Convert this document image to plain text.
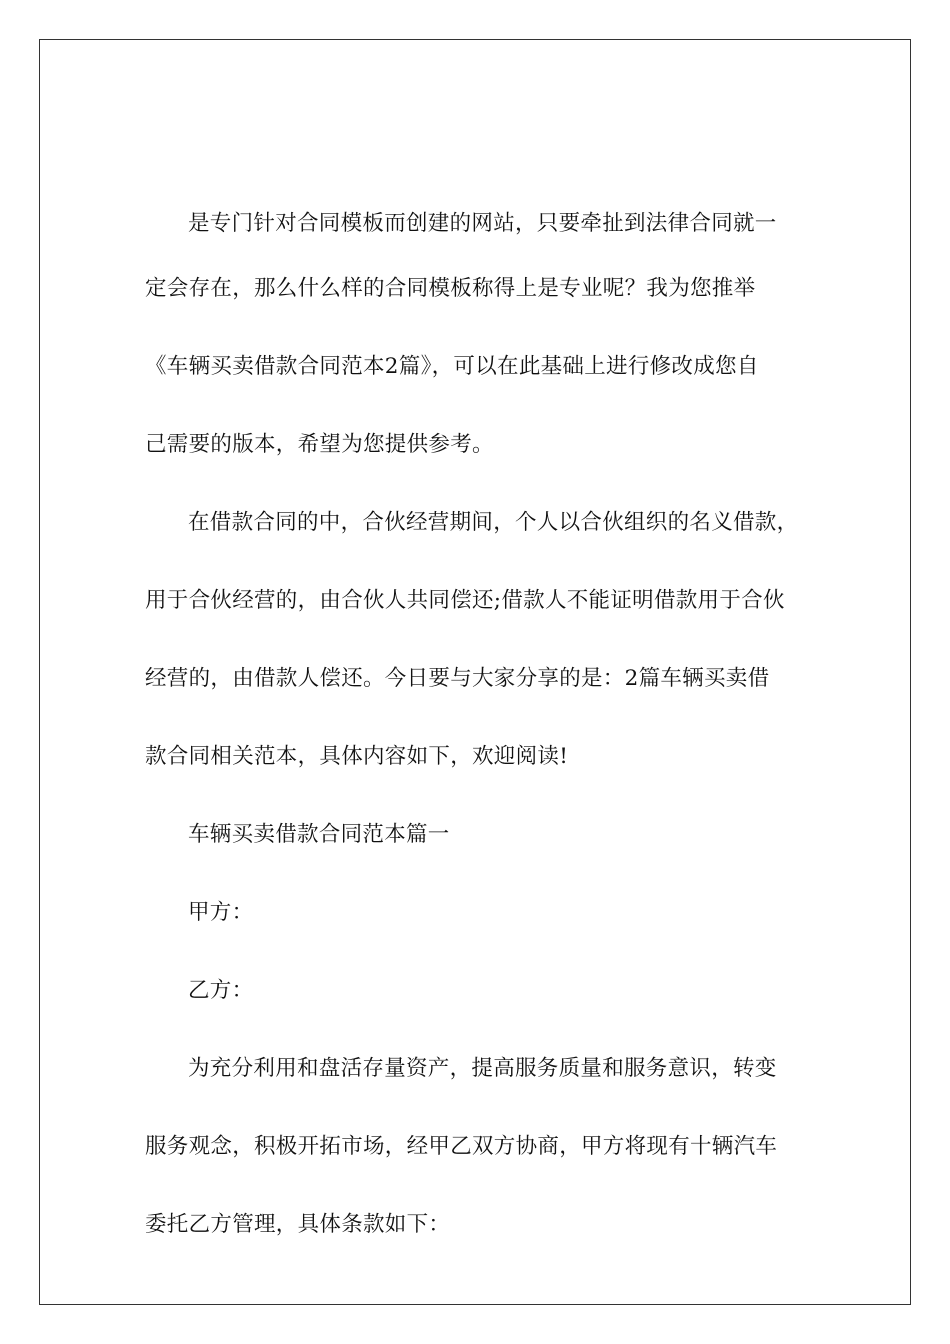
是专门针对合同模板而创建的网站，只要牵扯到法律合同就一
定会存在，那么什么样的合同模板称得上是专业呢？我为您推举
《车辆买卖借款合同范本2篇》，可以在此基础上进行修改成您自
己需要的版本，希望为您提供参考。
在借款合同的中，合伙经营期间，个人以合伙组织的名义借款，
用于合伙经营的，由合伙人共同偿还;借款人不能证明借款用于合伙
经营的，由借款人偿还。今日要与大家分享的是：2篇车辆买卖借
款合同相关范本，具体内容如下，欢迎阅读!
车辆买卖借款合同范本篇一
甲方：
乙方：
为充分利用和盘活存量资产，提高服务质量和服务意识，转变
服务观念，积极开拓市场，经甲乙双方协商，甲方将现有十辆汽车
委托乙方管理，具体条款如下：
